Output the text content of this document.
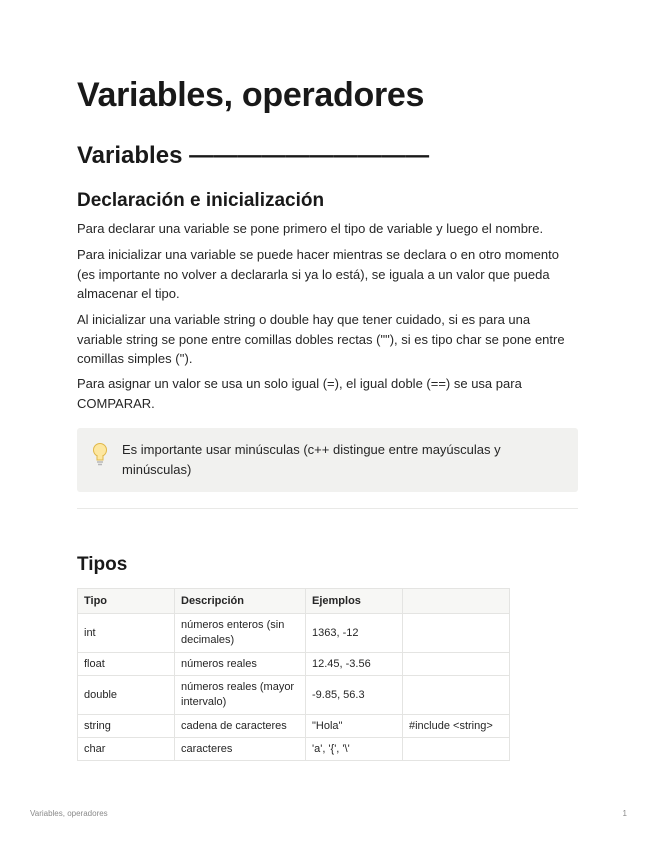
Variables, operadores
Variables ——————————
Declaración e inicialización

Para declarar una variable se pone primero el tipo de variable y luego el nombre.

Para inicializar una variable se puede hacer mientras se declara o en otro momento (es importante no volver a declararla si ya lo está), se iguala a un valor que pueda almacenar el tipo.

Al inicializar una variable string o double hay que tener cuidado, si es para una variable string se pone entre comillas dobles rectas (""), si es tipo char se pone entre comillas simples ('').

Para asignar un valor se usa un solo igual (=), el igual doble (==) se usa para COMPARAR.

Es importante usar minúsculas (c++ distingue entre mayúsculas y minúsculas)
Tipos
Tipo	Descripción	Ejemplos	
int	números enteros (sin decimales)	1363, -12	
float	números reales	12.45, -3.56	
double	números reales (mayor intervalo)	-9.85, 56.3	
string	cadena de caracteres	"Hola"	#include <string>
char	caracteres	'a', '{', '\'	
Variables, operadores	1
